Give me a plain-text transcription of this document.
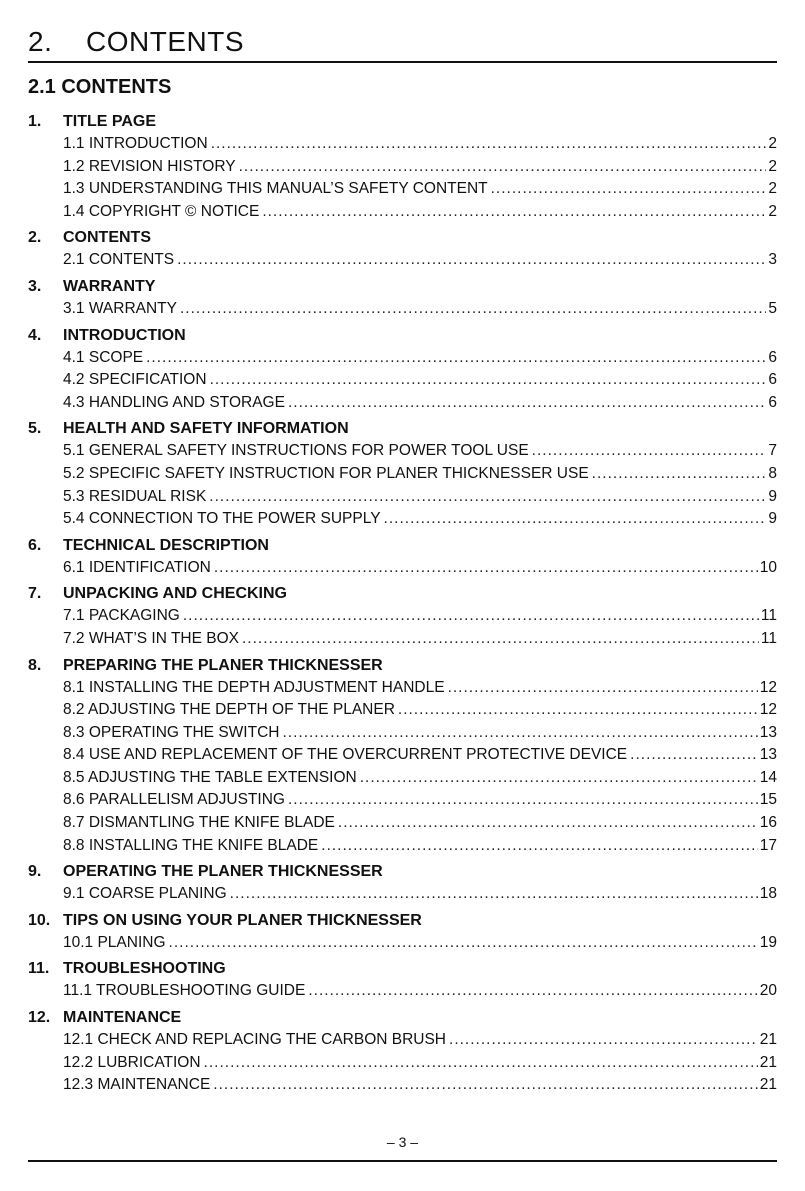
2. CONTENTS
2.1 CONTENTS
1.	TITLE PAGE
1.1 INTRODUCTION .....	2
1.2 REVISION HISTORY .....	2
1.3 UNDERSTANDING THIS MANUAL’S SAFETY CONTENT .....	2
1.4 COPYRIGHT © NOTICE .....	2
2.	CONTENTS
2.1 CONTENTS .....	3
3.	WARRANTY
3.1 WARRANTY .....	5
4.	INTRODUCTION
4.1 SCOPE .....	6
4.2 SPECIFICATION .....	6
4.3 HANDLING AND STORAGE .....	6
5.	HEALTH AND SAFETY INFORMATION
5.1 GENERAL SAFETY INSTRUCTIONS FOR POWER TOOL USE .....	7
5.2 SPECIFIC SAFETY INSTRUCTION FOR PLANER THICKNESSER USE .....	8
5.3 RESIDUAL RISK .....	9
5.4 CONNECTION TO THE POWER SUPPLY .....	9
6.	TECHNICAL DESCRIPTION
6.1 IDENTIFICATION .....	10
7.	UNPACKING AND CHECKING
7.1 PACKAGING .....	11
7.2 WHAT’S IN THE BOX .....	11
8.	PREPARING THE PLANER THICKNESSER
8.1 INSTALLING THE DEPTH ADJUSTMENT HANDLE .....	12
8.2 ADJUSTING THE DEPTH OF THE PLANER .....	12
8.3 OPERATING THE SWITCH .....	13
8.4 USE AND REPLACEMENT OF THE OVERCURRENT PROTECTIVE DEVICE .....	13
8.5 ADJUSTING THE TABLE EXTENSION .....	14
8.6 PARALLELISM ADJUSTING .....	15
8.7 DISMANTLING THE KNIFE BLADE .....	16
8.8 INSTALLING THE KNIFE BLADE .....	17
9.	OPERATING THE PLANER THICKNESSER
9.1 COARSE PLANING .....	18
10. TIPS ON USING YOUR PLANER THICKNESSER
10.1 PLANING .....	19
11. TROUBLESHOOTING
11.1 TROUBLESHOOTING GUIDE .....	20
12. MAINTENANCE
12.1 CHECK AND REPLACING THE CARBON BRUSH .....	21
12.2 LUBRICATION .....	21
12.3 MAINTENANCE .....	21
– 3 –
